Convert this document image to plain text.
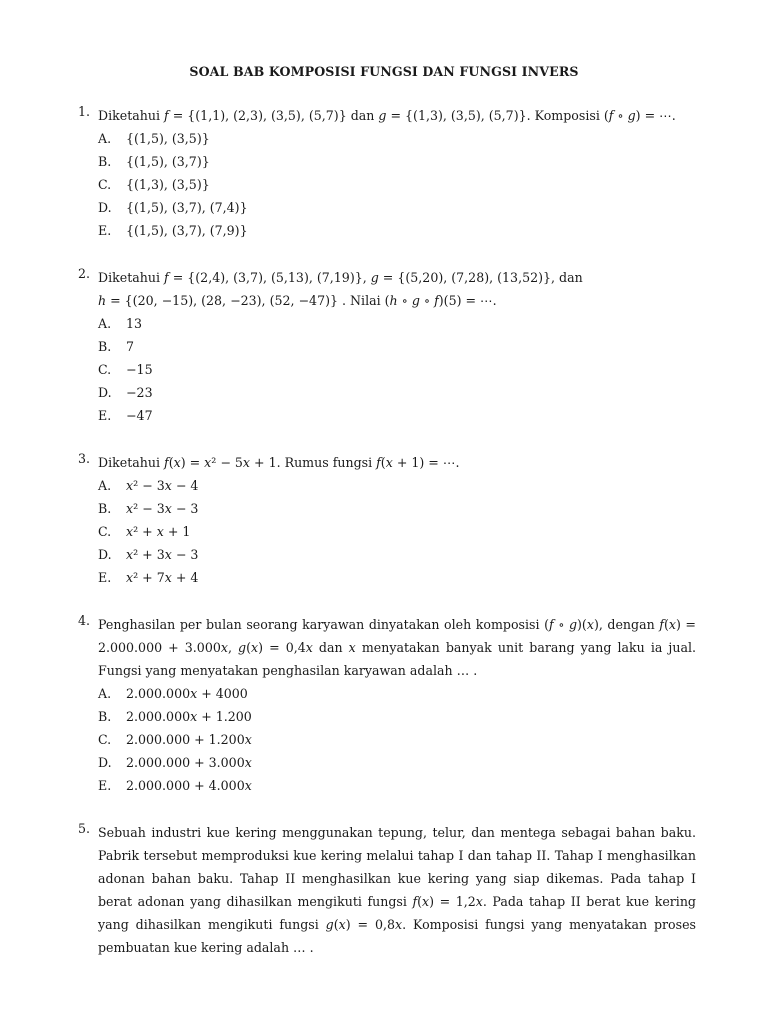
SOAL BAB KOMPOSISI FUNGSI DAN FUNGSI INVERS
1. Diketahui 𝑓 = {(1,1), (2,3), (3,5), (5,7)} dan 𝑔 = {(1,3), (3,5), (5,7)}. Komposisi (𝑓 ∘ 𝑔) = ⋯.
A.	{(1,5), (3,5)}
B.	{(1,5), (3,7)}
C.	{(1,3), (3,5)}
D.	{(1,5), (3,7), (7,4)}
E.	{(1,5), (3,7), (7,9)}
2. Diketahui 𝑓 = {(2,4), (3,7), (5,13), (7,19)}, 𝑔 = {(5,20), (7,28), (13,52)}, dan
ℎ = {(20, −15), (28, −23), (52, −47)} . Nilai (ℎ ∘ 𝑔 ∘ 𝑓)(5) = ⋯.
A.	13
B.	7
C.	−15
D.	−23
E.	−47
3. Diketahui 𝑓(𝑥) = 𝑥² − 5𝑥 + 1. Rumus fungsi 𝑓(𝑥 + 1) = ⋯.
A.	𝑥² − 3𝑥 − 4
B.	𝑥² − 3𝑥 − 3
C.	𝑥² + 𝑥 + 1
D.	𝑥² + 3𝑥 − 3
E.	𝑥² + 7𝑥 + 4
4. Penghasilan per bulan seorang karyawan dinyatakan oleh komposisi (𝑓 ∘ 𝑔)(𝑥), dengan 𝑓(𝑥) = 2.000.000 + 3.000𝑥, 𝑔(𝑥) = 0,4𝑥 dan 𝑥 menyatakan banyak unit barang yang laku ia jual. Fungsi yang menyatakan penghasilan karyawan adalah … .
A.	2.000.000𝑥 + 4000
B.	2.000.000𝑥 + 1.200
C.	2.000.000 + 1.200𝑥
D.	2.000.000 + 3.000𝑥
E.	2.000.000 + 4.000𝑥
5. Sebuah industri kue kering menggunakan tepung, telur, dan mentega sebagai bahan baku. Pabrik tersebut memproduksi kue kering melalui tahap I dan tahap II. Tahap I menghasilkan adonan bahan baku. Tahap II menghasilkan kue kering yang siap dikemas. Pada tahap I berat adonan yang dihasilkan mengikuti fungsi 𝑓(𝑥) = 1,2𝑥. Pada tahap II berat kue kering yang dihasilkan mengikuti fungsi 𝑔(𝑥) = 0,8𝑥. Komposisi fungsi yang menyatakan proses pembuatan kue kering adalah … .
